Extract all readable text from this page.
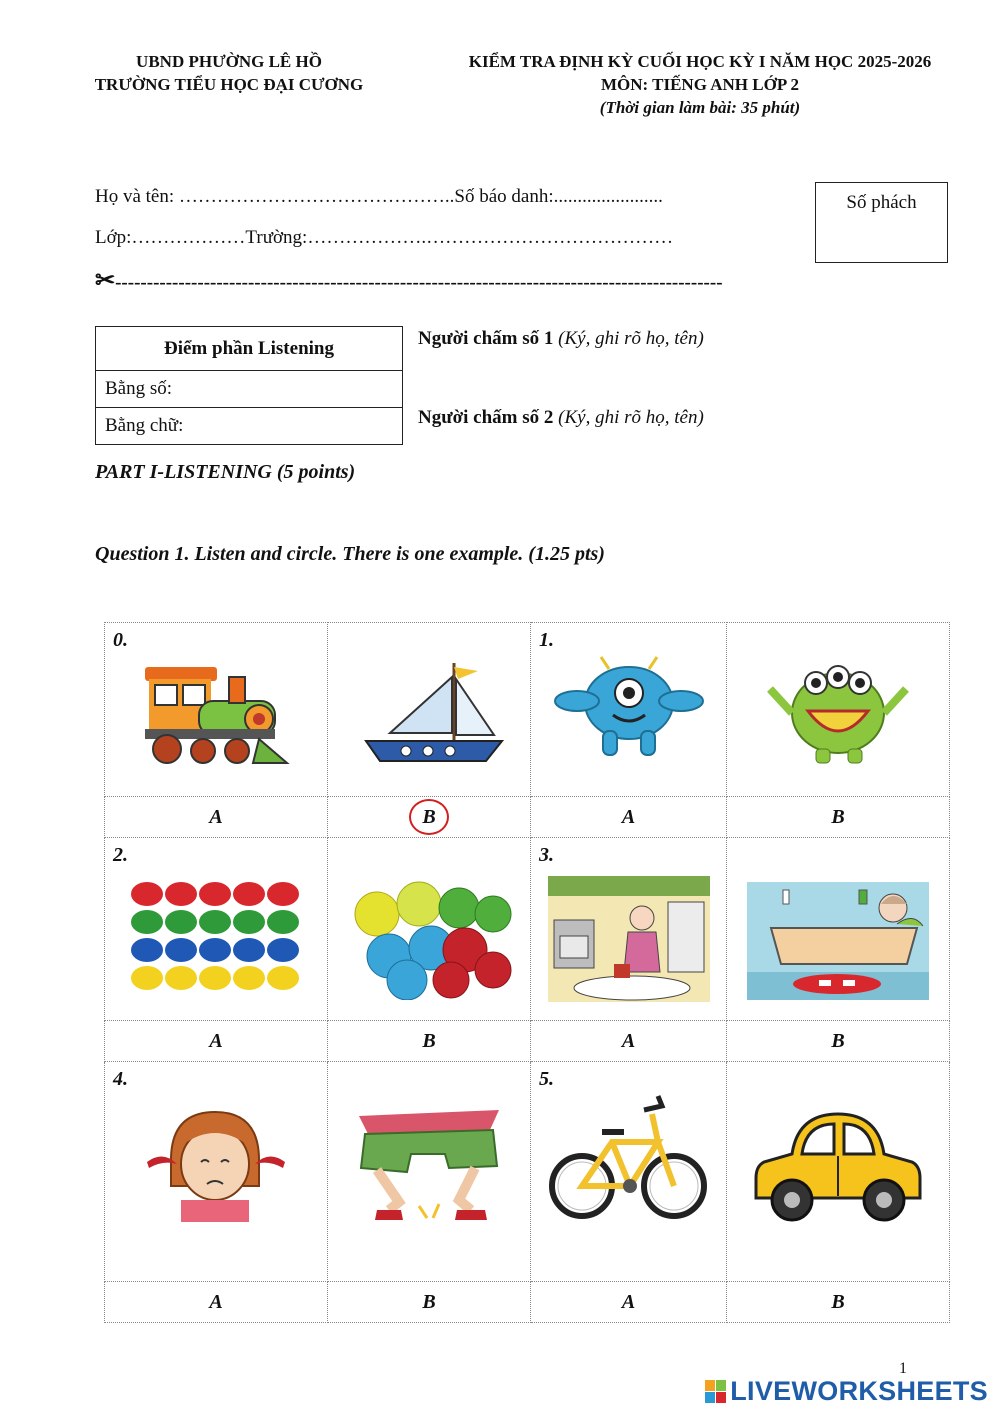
UBND PHƯỜNG LÊ HỒ
TRƯỜNG TIỂU HỌC ĐẠI CƯƠNG
KIỂM TRA ĐỊNH KỲ CUỐI HỌC KỲ I NĂM HỌC 2025-2026
MÔN: TIẾNG ANH LỚP 2
(Thời gian làm bài: 35 phút)
Họ và tên: ……………………………………..Số báo danh:.......................
Lớp:………………Trường:……………….…………………………………
Số phách
✂------------------------------------------------------------------------------------------------
Điểm phần Listening
Bằng số:
Bằng chữ:
Người chấm số 1 (Ký, ghi rõ họ, tên)
Người chấm số 2 (Ký, ghi rõ họ, tên)
PART I-LISTENING (5 points)
Question 1. Listen and circle. There is one example. (1.25 pts)
0.		1.

A	B	A	B

2.		3.

A	B	A	B

4.		5.

A	B	A	B
1
LIVEWORKSHEETS
